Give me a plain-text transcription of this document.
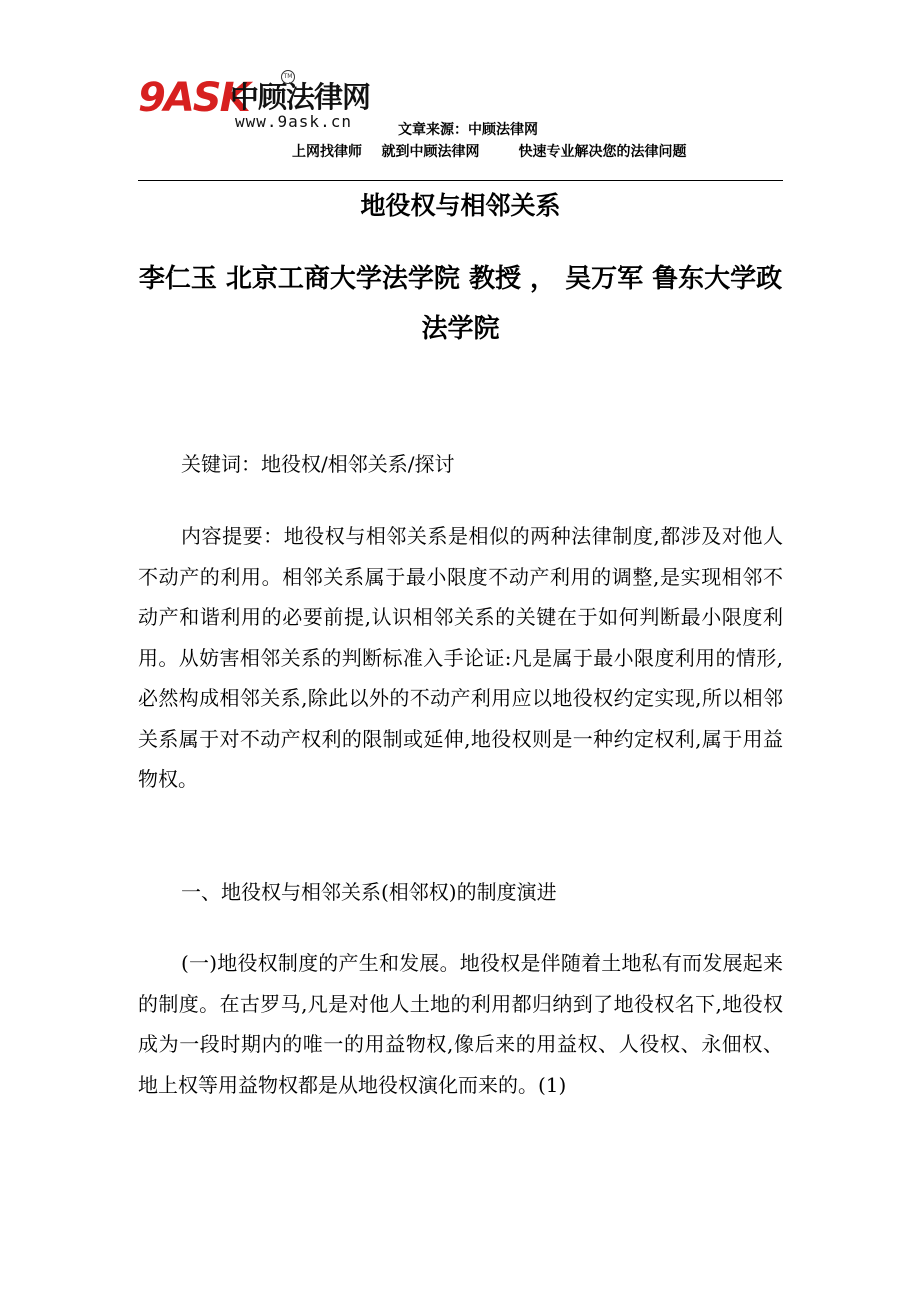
9ASK
中顾法律网
TM
www.9ask.cn	文章来源：中顾法律网
上网找律师    就到中顾法律网        快速专业解决您的法律问题
地役权与相邻关系
李仁玉 北京工商大学法学院 教授 ， 吴万军 鲁东大学政法学院

关键词：地役权/相邻关系/探讨

内容提要：地役权与相邻关系是相似的两种法律制度,都涉及对他人不动产的利用。相邻关系属于最小限度不动产利用的调整,是实现相邻不动产和谐利用的必要前提,认识相邻关系的关键在于如何判断最小限度利用。从妨害相邻关系的判断标准入手论证:凡是属于最小限度利用的情形,必然构成相邻关系,除此以外的不动产利用应以地役权约定实现,所以相邻关系属于对不动产权利的限制或延伸,地役权则是一种约定权利,属于用益物权。

一、地役权与相邻关系(相邻权)的制度演进

(一)地役权制度的产生和发展。地役权是伴随着土地私有而发展起来的制度。在古罗马,凡是对他人土地的利用都归纳到了地役权名下,地役权成为一段时期内的唯一的用益物权,像后来的用益权、人役权、永佃权、地上权等用益物权都是从地役权演化而来的。(1)
